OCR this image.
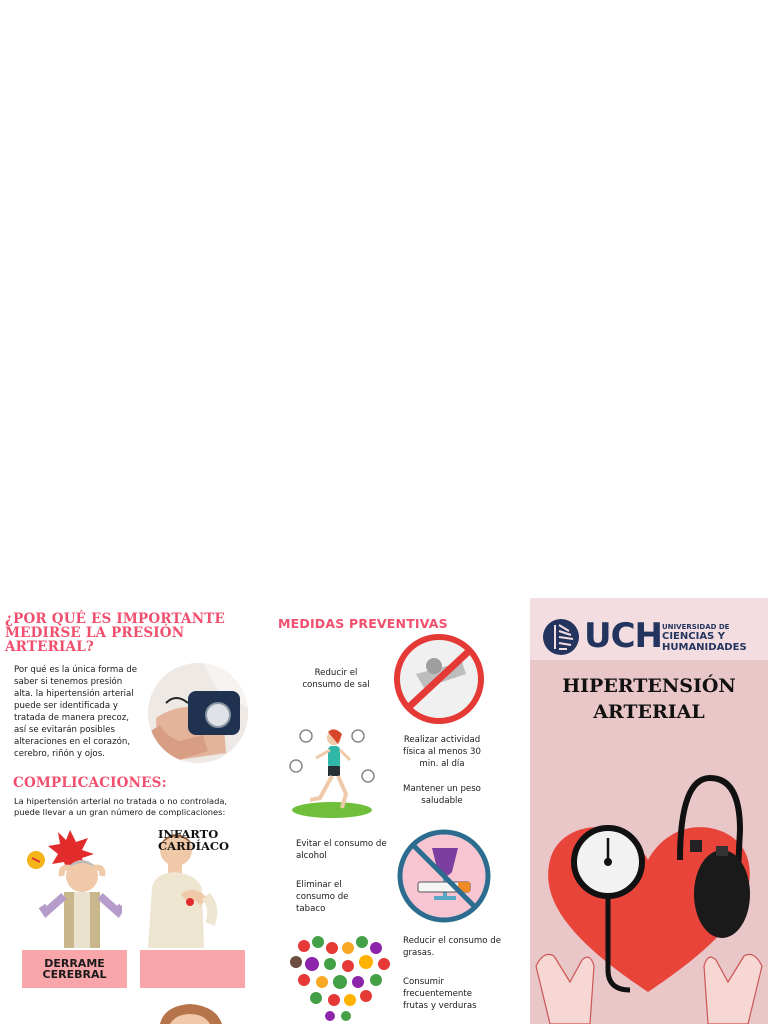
¿POR QUÉ ES IMPORTANTE MEDIRSE LA PRESIÓN ARTERIAL?

Por qué es la única forma de saber si tenemos presión alta. la hipertensión arterial puede ser identificada y tratada de manera precoz, así se evitarán posibles alteraciones en el corazón, cerebro, riñón y ojos.

COMPLICACIONES:

La hipertensión arterial no tratada o no controlada, puede llevar a un gran número de complicaciones:

INFARTO CARDÍACO
DERRAME CEREBRAL

MEDIDAS PREVENTIVAS

Reducir el consumo de sal

Realizar actividad física al menos 30 min. al día

Mantener un peso saludable

Evitar el consumo de alcohol

Eliminar el consumo de tabaco

Reducir el consumo de grasas.

Consumir frecuentemente frutas y verduras

UCH UNIVERSIDAD DE
CIENCIAS Y
HUMANIDADES

HIPERTENSIÓN

ARTERIAL
